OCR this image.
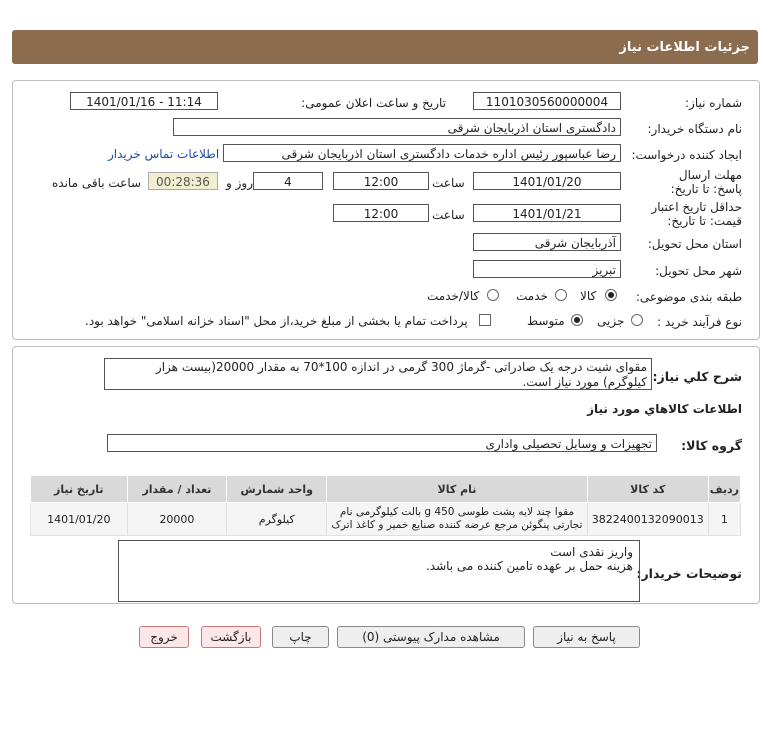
جزئیات اطلاعات نیاز
شماره نیاز:
1101030560000004
تاریخ و ساعت اعلان عمومی:
1401/01/16 - 11:14
نام دستگاه خریدار:
دادگستری استان اذربایجان شرقی
ایجاد کننده درخواست:
رضا عباسپور رئیس اداره خدمات دادگستری استان اذربایجان شرقی
اطلاعات تماس خریدار
مهلت ارسال پاسخ: تا تاریخ:
1401/01/20
ساعت
12:00
4
روز و
00:28:36
ساعت باقی مانده
حداقل تاریخ اعتبار قیمت: تا تاریخ:
1401/01/21
ساعت
12:00
استان محل تحویل:
آذربایجان شرقی
شهر محل تحویل:
تبریز
طبقه بندی موضوعی:
کالا
خدمت
کالا/خدمت
نوع فرآیند خرید :
جزیی
متوسط
پرداخت تمام یا بخشی از مبلغ خرید،از محل "اسناد خزانه اسلامی" خواهد بود.
شرح کلي نياز:
مقوای شیت درجه یک صادراتی -گرماژ 300 گرمی در اندازه 100*70 به مقدار 20000(بیست هزار کیلوگرم) مورد نیاز است.
اطلاعات کالاهاي مورد نياز
گروه کالا:
تجهیزات و وسایل تحصیلی واداری
ردیف	کد کالا	نام کالا	واحد شمارش	تعداد / مقدار	تاریخ نیاز
1	3822400132090013	مقوا چند لایه پشت طوسی 450 g بالت کیلوگرمی نام تجارتی پنگوئن مرجع عرضه کننده صنایع خمیر و کاغذ اترک	کیلوگرم	20000	1401/01/20
توضیحات خریدار:
واریز نقدی است
هزینه حمل بر عهده تامین کننده می باشد.
پاسخ به نیاز
مشاهده مدارک پیوستی (0)
چاپ
بازگشت
خروج
